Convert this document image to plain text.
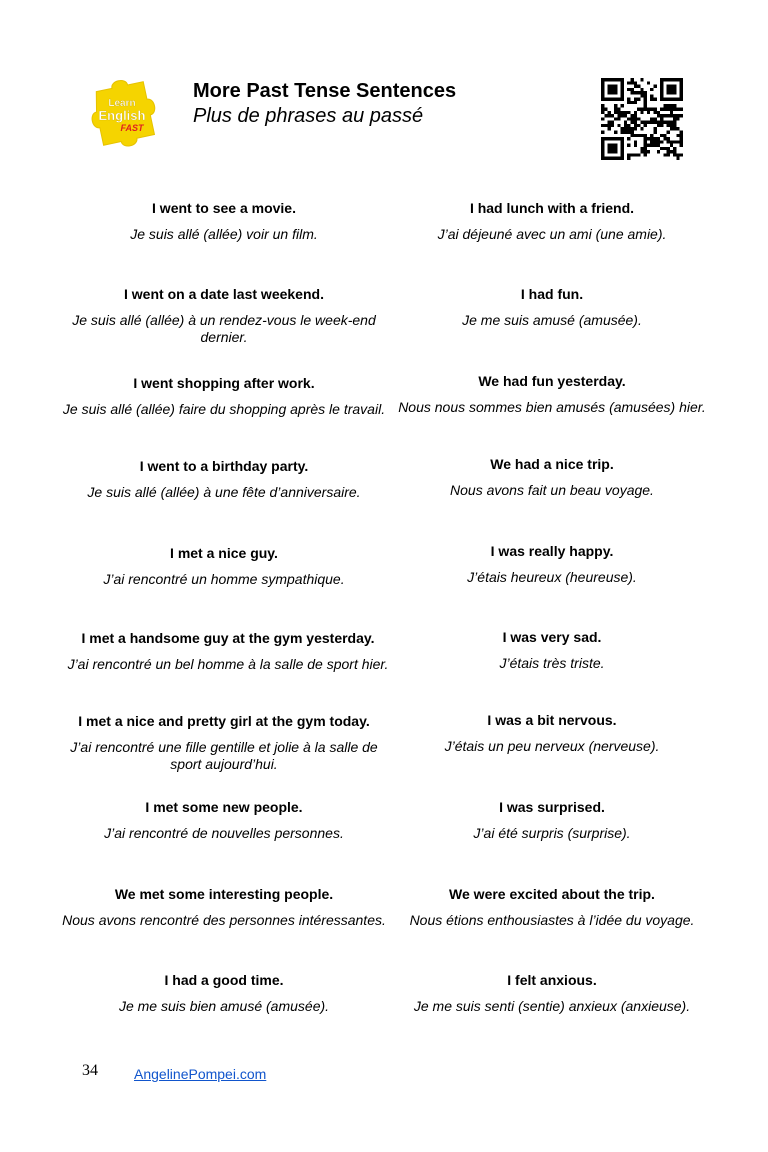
Learn
English
FAST
More Past Tense Sentences
Plus de phrases au passé
I went to see a movie.
Je suis allé (allée) voir un film.
I went on a date last weekend.
Je suis allé (allée) à un rendez-vous le week-end dernier.
I went shopping after work.
Je suis allé (allée) faire du shopping après le travail.
I went to a birthday party.
Je suis allé (allée) à une fête d’anniversaire.
I met a nice guy.
J’ai rencontré un homme sympathique.
I met a handsome guy at the gym yesterday.
J’ai rencontré un bel homme à la salle de sport hier.
I met a nice and pretty girl at the gym today.
J’ai rencontré une fille gentille et jolie à la salle de sport aujourd’hui.
I met some new people.
J’ai rencontré de nouvelles personnes.
We met some interesting people.
Nous avons rencontré des personnes intéressantes.
I had a good time.
Je me suis bien amusé (amusée).
I had lunch with a friend.
J’ai déjeuné avec un ami (une amie).
I had fun.
Je me suis amusé (amusée).
We had fun yesterday.
Nous nous sommes bien amusés (amusées) hier.
We had a nice trip.
Nous avons fait un beau voyage.
I was really happy.
J’étais heureux (heureuse).
I was very sad.
J’étais très triste.
I was a bit nervous.
J’étais un peu nerveux (nerveuse).
I was surprised.
J’ai été surpris (surprise).
We were excited about the trip.
Nous étions enthousiastes à l’idée du voyage.
I felt anxious.
Je me suis senti (sentie) anxieux (anxieuse).
34	AngelinePompei.com
